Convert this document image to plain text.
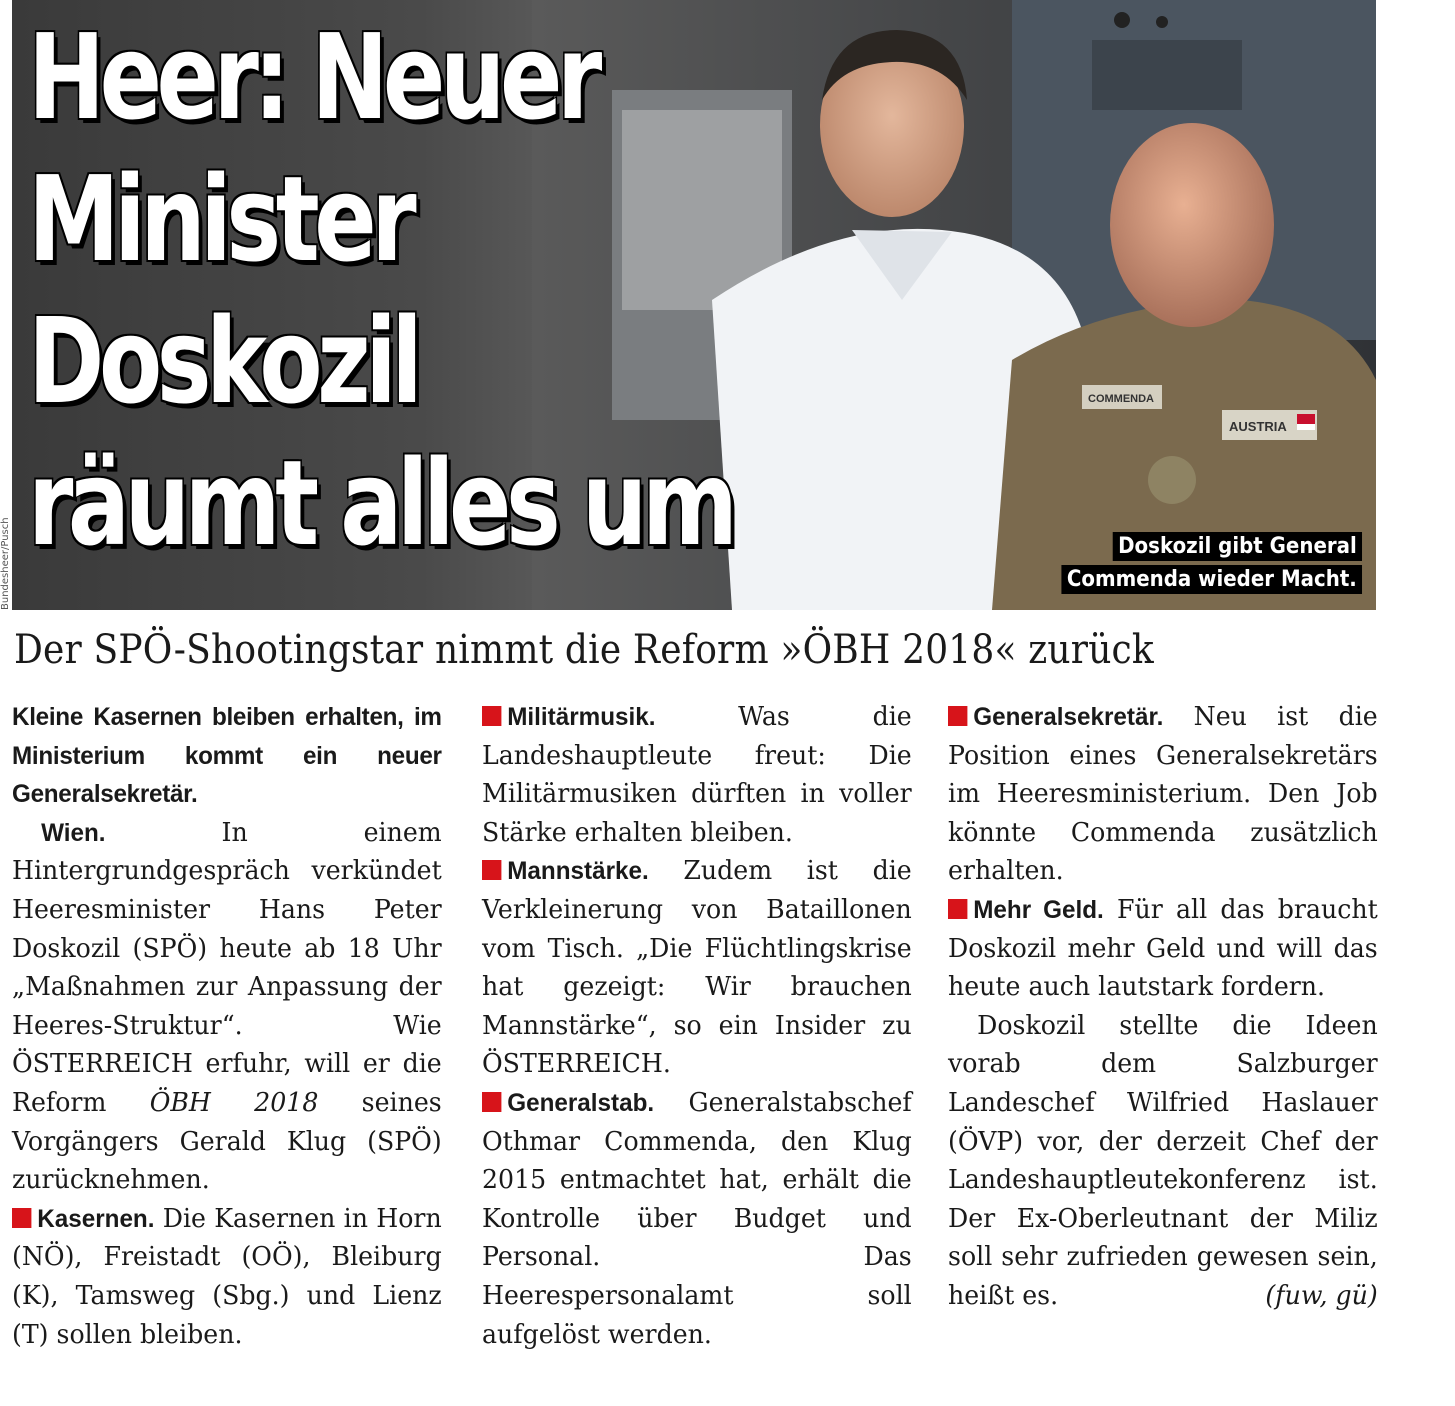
Bundesheer/Pusch
AUSTRIA
COMMENDA
Heer: Neuer
Minister
Doskozil
räumt alles um	Doskozil gibt General
Commenda wieder Macht.
Der SPÖ-Shootingstar nimmt die Reform »ÖBH 2018« zurück

Kleine Kasernen bleiben erhalten, im Ministerium kommt ein neuer Generalsekretär.

Wien.	In einem Hintergrundgespräch verkündet Heeresminister Hans Peter Doskozil (SPÖ) heute ab 18 Uhr „Maßnahmen zur Anpassung der Heeres-Struktur“. Wie ÖSTERREICH erfuhr, will er die Reform ÖBH 2018 seines Vorgängers Gerald Klug (SPÖ) zurücknehmen.

Kasernen. Die Kasernen in Horn (NÖ), Freistadt (OÖ), Bleiburg (K), Tamsweg (Sbg.) und Lienz (T) sollen bleiben.

Militärmusik.	Was die Landeshauptleute freut: Die Militärmusiken dürften in voller Stärke erhalten bleiben.

Mannstärke. Zudem ist die Verkleinerung von Bataillonen vom Tisch. „Die Flüchtlingskrise hat gezeigt: Wir brauchen Mannstärke“, so ein Insider zu ÖSTERREICH.

Generalstab. Generalstabschef Othmar Commenda, den Klug 2015 entmachtet hat, erhält die Kontrolle über Budget und Personal. Das Heerespersonalamt soll aufgelöst werden.

Generalsekretär. Neu ist die Position eines Generalsekretärs im Heeresministerium. Den Job könnte Commenda zusätzlich erhalten.

Mehr Geld. Für all das braucht Doskozil mehr Geld und will das heute auch lautstark fordern.

Doskozil stellte die Ideen vorab dem Salzburger Landeschef Wilfried Haslauer (ÖVP) vor, der derzeit Chef der Landeshauptleutekonferenz ist. Der Ex-Oberleutnant der Miliz soll sehr zufrieden gewesen sein, heißt es.	(fuw, gü)
